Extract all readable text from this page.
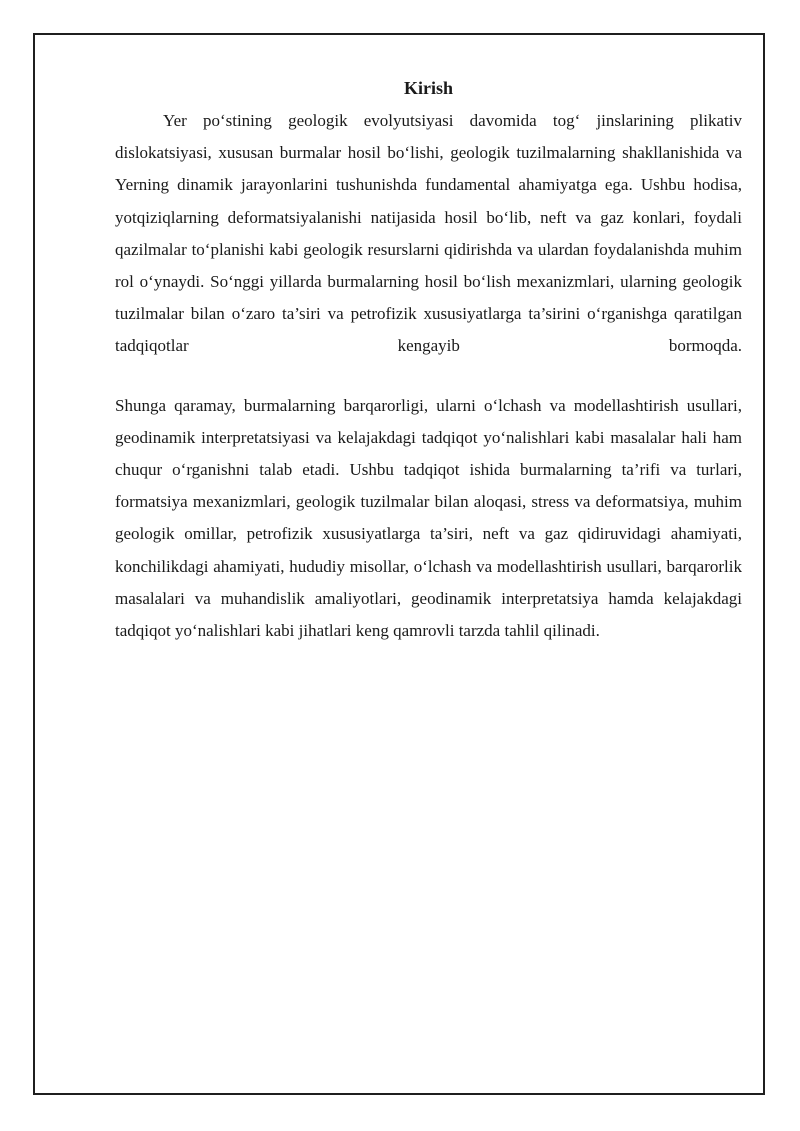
Kirish

Yer po‘stining geologik evolyutsiyasi davomida tog‘ jinslarining plikativ dislokatsiyasi, xususan burmalar hosil bo‘lishi, geologik tuzilmalarning shakllanishida va Yerning dinamik jarayonlarini tushunishda fundamental ahamiyatga ega. Ushbu hodisa, yotqiziqlarning deformatsiyalanishi natijasida hosil bo‘lib, neft va gaz konlari, foydali qazilmalar to‘planishi kabi geologik resurslarni qidirishda va ulardan foydalanishda muhim rol o‘ynaydi. So‘nggi yillarda burmalarning hosil bo‘lish mexanizmlari, ularning geologik tuzilmalar bilan o‘zaro ta’siri va petrofizik xususiyatlarga ta’sirini o‘rganishga qaratilgan tadqiqotlar kengayib bormoqda.

Shunga qaramay, burmalarning barqarorligi, ularni o‘lchash va modellashtirish usullari, geodinamik interpretatsiyasi va kelajakdagi tadqiqot yo‘nalishlari kabi masalalar hali ham chuqur o‘rganishni talab etadi. Ushbu tadqiqot ishida burmalarning ta’rifi va turlari, formatsiya mexanizmlari, geologik tuzilmalar bilan aloqasi, stress va deformatsiya, muhim geologik omillar, petrofizik xususiyatlarga ta’siri, neft va gaz qidiruvidagi ahamiyati, konchilikdagi ahamiyati, hududiy misollar, o‘lchash va modellashtirish usullari, barqarorlik masalalari va muhandislik amaliyotlari, geodinamik interpretatsiya hamda kelajakdagi tadqiqot yo‘nalishlari kabi jihatlari keng qamrovli tarzda tahlil qilinadi.
